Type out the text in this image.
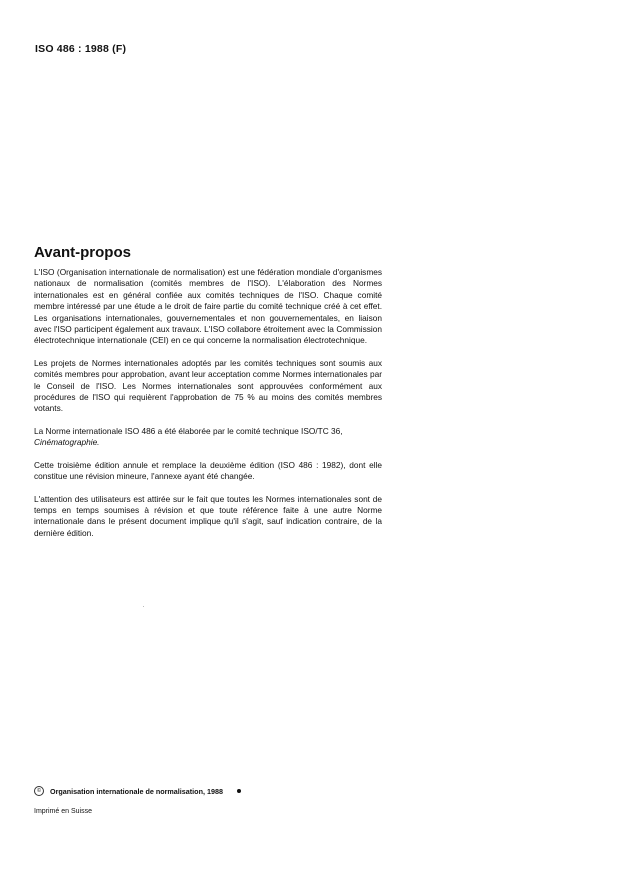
ISO 486 : 1988 (F)
Avant-propos

L'ISO (Organisation internationale de normalisation) est une fédération mondiale d'organismes nationaux de normalisation (comités membres de l'ISO). L'élaboration des Normes internationales est en général confiée aux comités techniques de l'ISO. Chaque comité membre intéressé par une étude a le droit de faire partie du comité technique créé à cet effet. Les organisations internationales, gouvernementales et non gouvernementales, en liaison avec l'ISO participent également aux travaux. L'ISO collabore étroitement avec la Commission électrotechnique internationale (CEI) en ce qui concerne la normalisation électrotechnique.

Les projets de Normes internationales adoptés par les comités techniques sont soumis aux comités membres pour approbation, avant leur acceptation comme Normes internationales par le Conseil de l'ISO. Les Normes internationales sont approuvées conformément aux procédures de l'ISO qui requièrent l'approbation de 75 % au moins des comités membres votants.

La Norme internationale ISO 486 a été élaborée par le comité technique ISO/TC 36,
Cinématographie.

Cette troisième édition annule et remplace la deuxième édition (ISO 486 : 1982), dont elle constitue une révision mineure, l'annexe ayant été changée.

L'attention des utilisateurs est attirée sur le fait que toutes les Normes internationales sont de temps en temps soumises à révision et que toute référence faite à une autre Norme internationale dans le présent document implique qu'il s'agit, sauf indication contraire, de la dernière édition.

©	Organisation internationale de normalisation, 1988
Imprimé en Suisse
